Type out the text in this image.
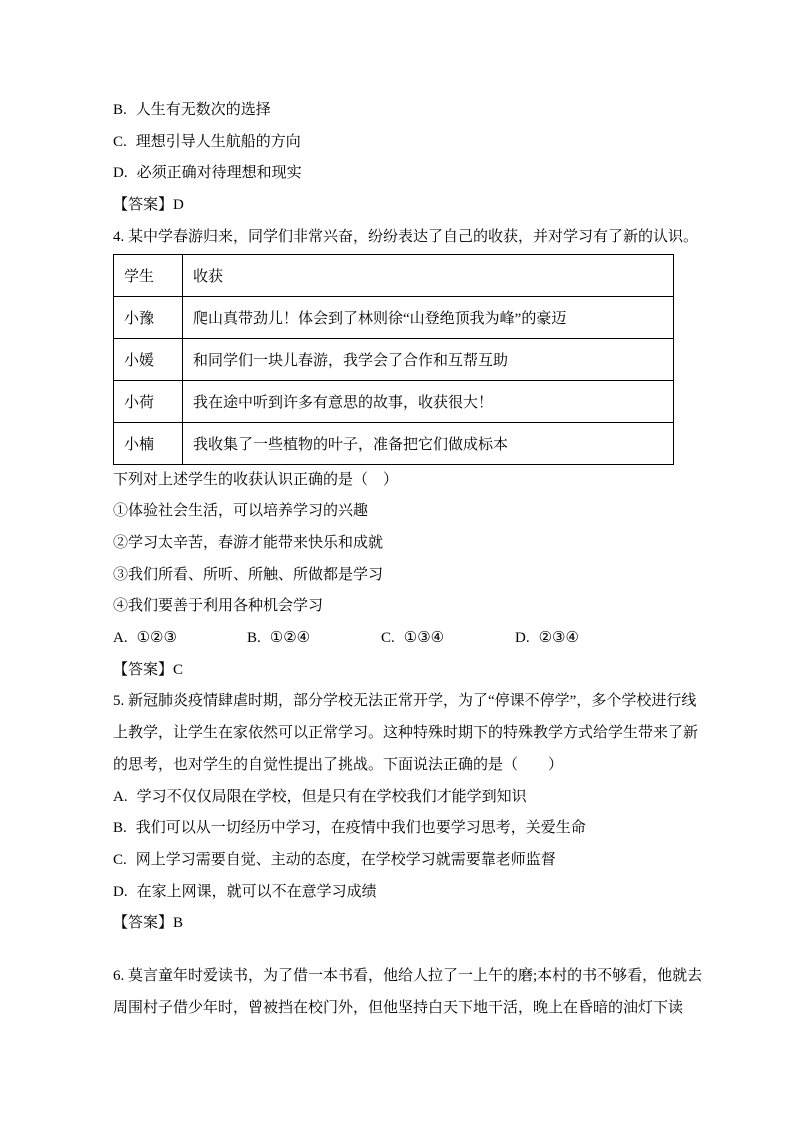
B. 人生有无数次的选择
C. 理想引导人生航船的方向
D. 必须正确对待理想和现实
【答案】D
4. 某中学春游归来，同学们非常兴奋，纷纷表达了自己的收获，并对学习有了新的认识。
学生	收获
小豫	爬山真带劲儿！体会到了林则徐“山登绝顶我为峰”的豪迈
小媛	和同学们一块儿春游，我学会了合作和互帮互助
小荷	我在途中听到许多有意思的故事，收获很大！
小楠	我收集了一些植物的叶子，准备把它们做成标本
下列对上述学生的收获认识正确的是（　）
①体验社会生活，可以培养学习的兴趣
②学习太辛苦，春游才能带来快乐和成就
③我们所看、所听、所触、所做都是学习
④我们要善于利用各种机会学习
A. ①②③	B. ①②④	C. ①③④	D. ②③④
【答案】C
5. 新冠肺炎疫情肆虐时期，部分学校无法正常开学，为了“停课不停学”，多个学校进行线上教学，让学生在家依然可以正常学习。这种特殊时期下的特殊教学方式给学生带来了新的思考，也对学生的自觉性提出了挑战。下面说法正确的是（　　）
A. 学习不仅仅局限在学校，但是只有在学校我们才能学到知识
B. 我们可以从一切经历中学习，在疫情中我们也要学习思考，关爱生命
C. 网上学习需要自觉、主动的态度，在学校学习就需要靠老师监督
D. 在家上网课，就可以不在意学习成绩
【答案】B
6. 莫言童年时爱读书，为了借一本书看，他给人拉了一上午的磨;本村的书不够看，他就去周围村子借少年时，曾被挡在校门外，但他坚持白天下地干活，晚上在昏暗的油灯下读
